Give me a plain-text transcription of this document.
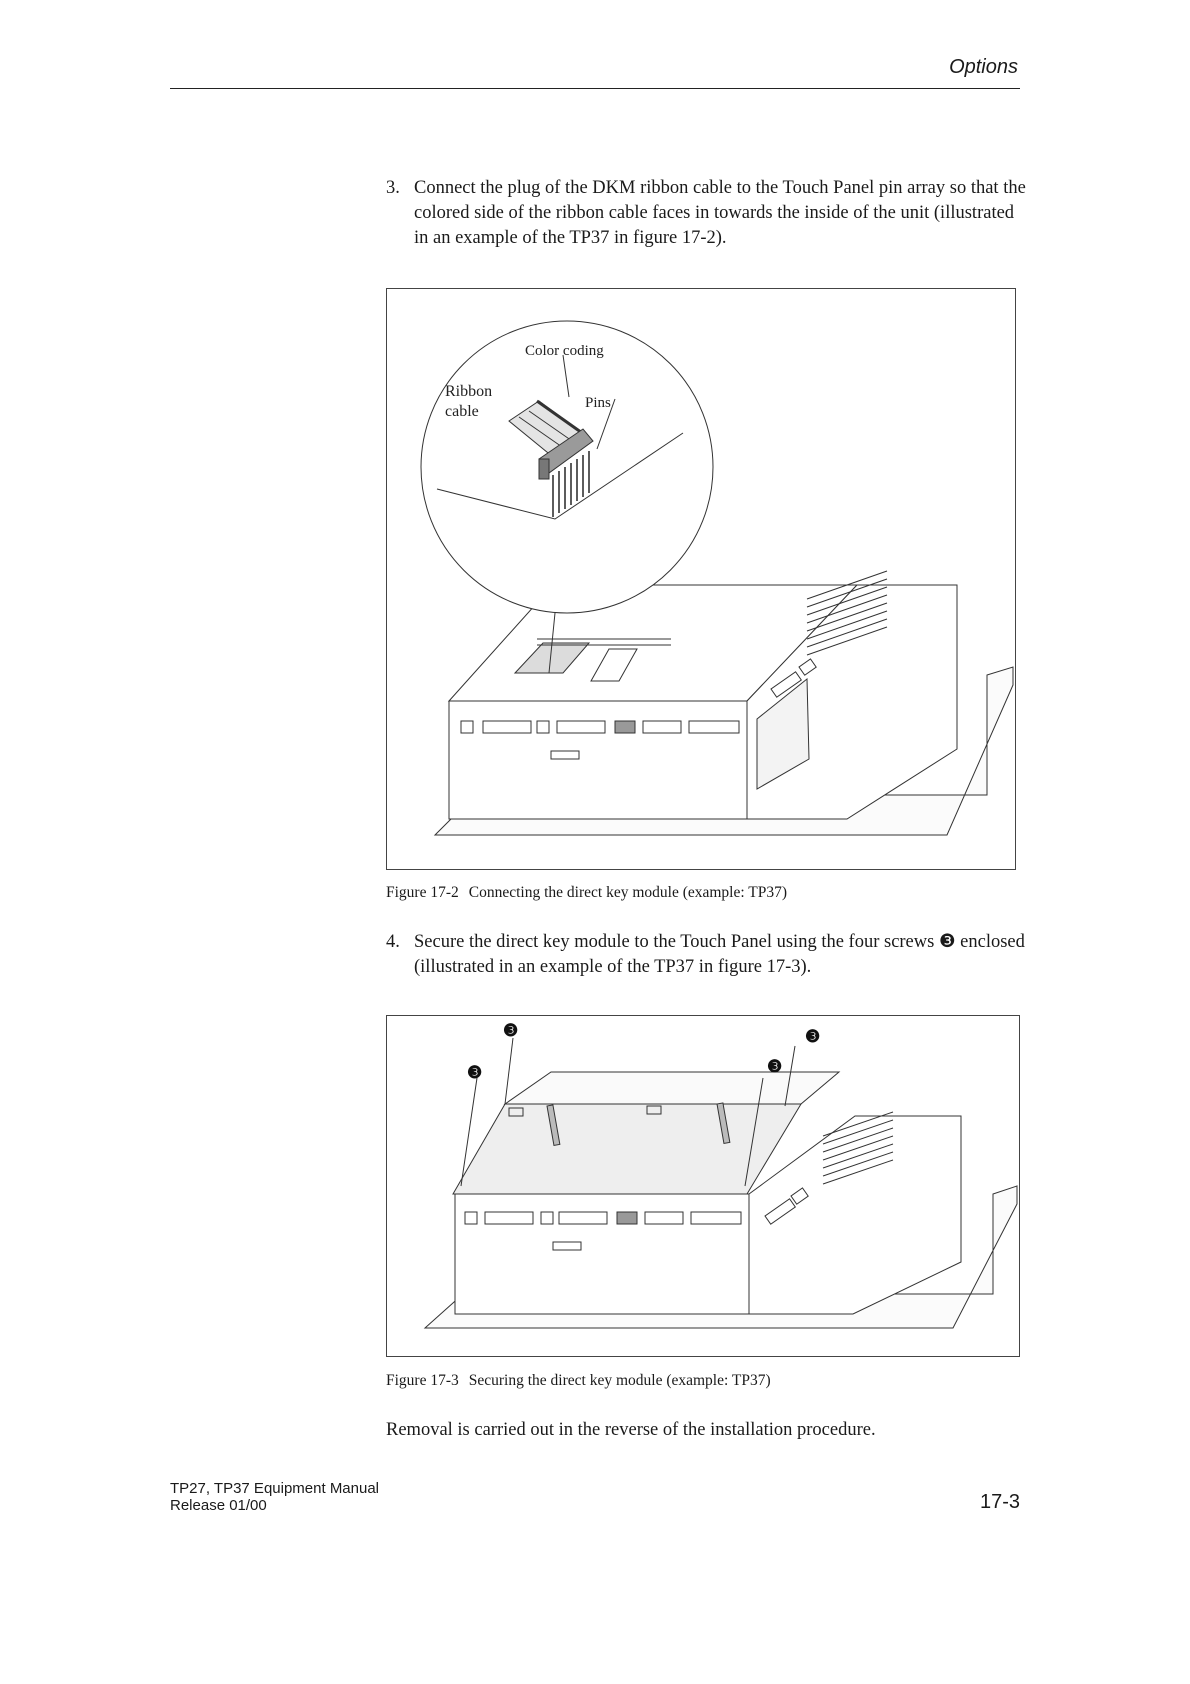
Options
3. Connect the plug of the DKM ribbon cable to the Touch Panel pin array so that the colored side of the ribbon cable faces in towards the inside of the unit (illustrated in an example of the TP37 in figure 17-2).
Color coding
Ribbon
cable	Pins
Figure 17-2 Connecting the direct key module (example: TP37)
4. Secure the direct key module to the Touch Panel using the four screws ❸ enclosed (illustrated in an example of the TP37 in figure 17-3).
❸
❸
❸
❸
Figure 17-3 Securing the direct key module (example: TP37)
Removal is carried out in the reverse of the installation procedure.
TP27, TP37 Equipment Manual
Release 01/00	17-3
